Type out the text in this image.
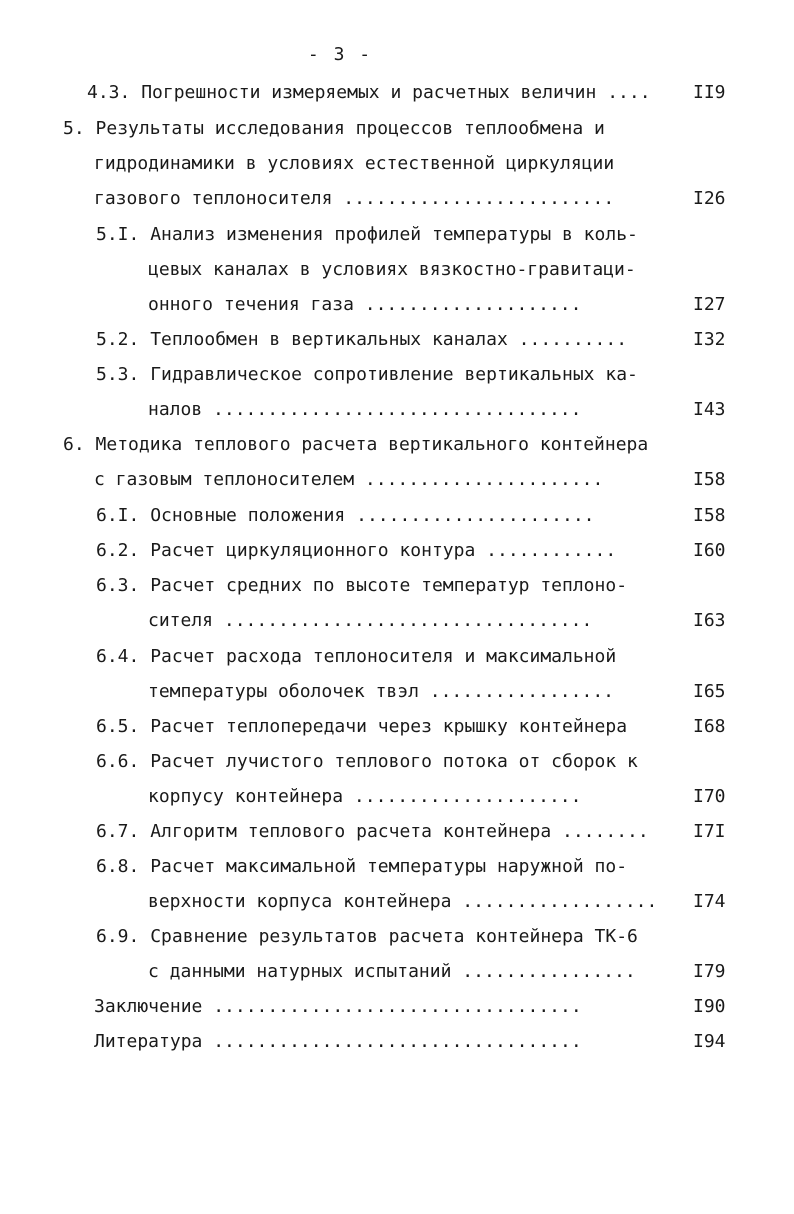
- 3 -
4.3. Погрешности измеряемых и расчетных величин .... II9
5. Результаты исследования процессов теплообмена и
гидродинамики в условиях естественной циркуляции
газового теплоносителя .........................	I26
5.I. Анализ изменения профилей температуры в коль-
цевых каналах в условиях вязкостно-гравитаци-
онного течения газа ....................	I27
5.2. Теплообмен в вертикальных каналах ..........	I32
5.3. Гидравлическое сопротивление вертикальных ка-
налов ..................................	I43
6. Методика теплового расчета вертикального контейнера
с газовым теплоносителем ......................	I58
6.I. Основные положения ......................	I58
6.2. Расчет циркуляционного контура ............	I60
6.3. Расчет средних по высоте температур теплоно-
сителя ..................................	I63
6.4. Расчет расхода теплоносителя и максимальной
температуры оболочек твэл .................	I65
6.5. Расчет теплопередачи через крышку контейнера	I68
6.6. Расчет лучистого теплового потока от сборок к
корпусу контейнера .....................	I70
6.7. Алгоритм теплового расчета контейнера ........ I7I
6.8. Расчет максимальной температуры наружной по-
верхности корпуса контейнера .................. I74
6.9. Сравнение результатов расчета контейнера ТК-6
с данными натурных испытаний ................	I79
Заключение ..................................	I90
Литература ..................................	I94
